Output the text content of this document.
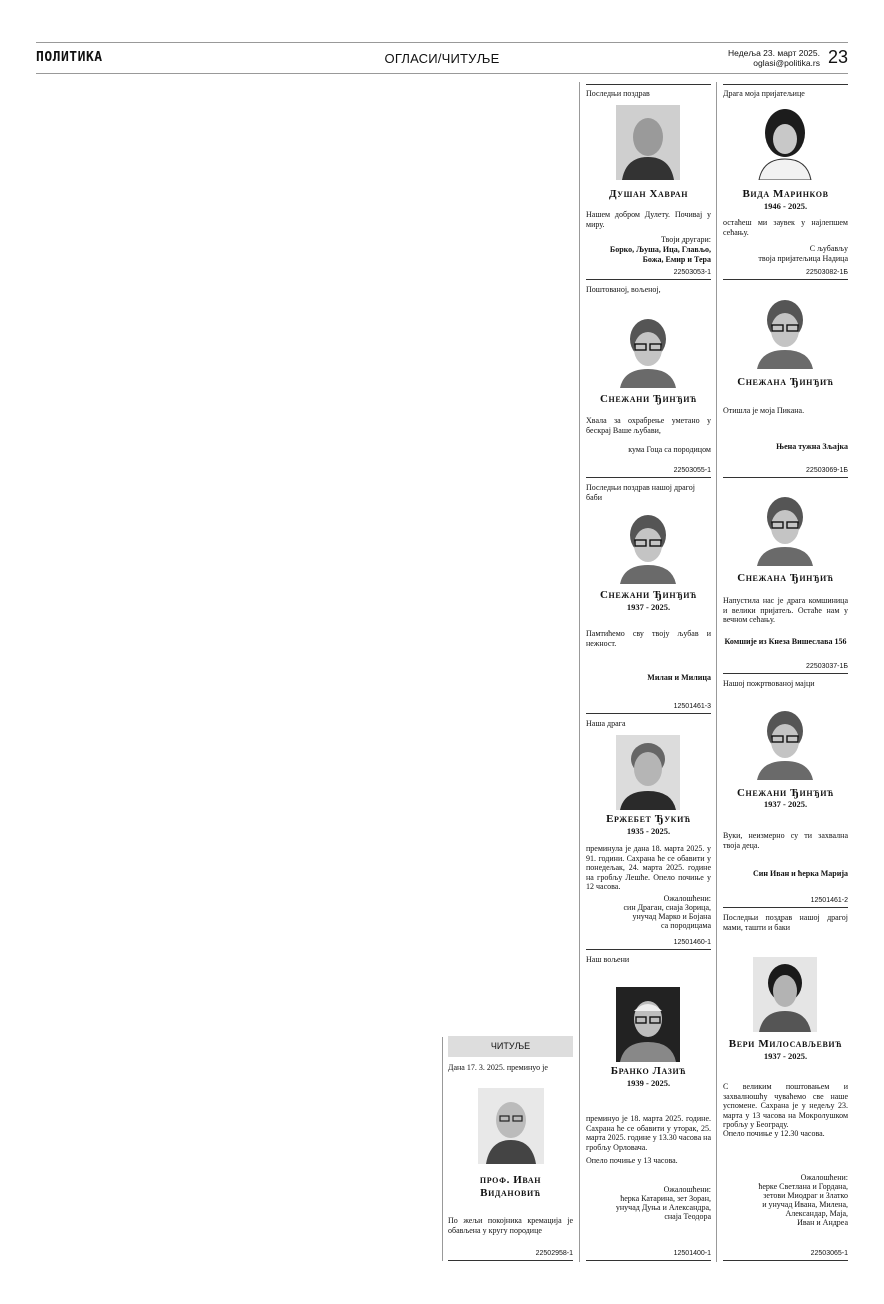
ПОЛИТИКА	ОГЛАСИ/ЧИТУЉЕ	Недеља 23. март 2025.
oglasi@politika.rs 23
ЧИТУЉЕ
Дана 17. 3. 2025. преминуо је
проф. Иван
Видановић
По жељи покојника кремација је обављена у кругу породице
22502958-1
Последњи поздрав
Душан Хавран
Нашем добром Дулету. Почивај у миру.
Твоји другари:
Борко, Љуша, Ица, Глављо,
Божа, Емир и Тера
22503053-1
Поштованој, вољеној,
Снежани Ђинђић
Хвала за охрабрење уметано у бескрај Ваше љубави,
кума Гоца са породицом
22503055-1
Последњи поздрав нашој драгој баби
Снежани Ђинђић
1937 - 2025.
Памтићемо сву твоју љубав и нежност.
Милан и Милица
12501461-3
Наша драга
Ержебет Ђукић
1935 - 2025.
преминула је дана 18. марта 2025. у 91. години. Сахрана ће се обавити у понедељак, 24. марта 2025. године на гробљу Лешће. Опело почиње у 12 часова.
Ожалошћени:
син Драган, снаја Зорица,
унучад Марко и Бојана
са породицама
12501460-1
Наш вољени
Бранко Лазић
1939 - 2025.
преминуо је 18. марта 2025. године. Сахрана ће се обавити у уторак, 25. марта 2025. године у 13.30 часова на гробљу Орловача.
Опело почиње у 13 часова.
Ожалошћени:
ћерка Катарина, зет Зоран,
унучад Дуња и Александра,
снаја Теодора
12501400-1
Драга моја пријатељице
Вида Маринков
1946 - 2025.
остаћеш ми заувек у најлепшем сећању.
С љубављу
твоја пријатељица Надица
22503082-1Б
Снежана Ђинђић
Отишла је моја Пикана.
Њена тужна Зљајка
22503069-1Б
Снежана Ђинђић
Напустила нас је драга комшиница и велики пријатељ. Остаће нам у вечном сећању.
Комшије из Кнеза Вишеслава 156
22503037-1Б
Нашој пожртвованој мајци
Снежани Ђинђић
1937 - 2025.
Вуки, неизмерно су ти захвална твоја деца.
Син Иван и ћерка Марија
12501461-2
Последњи поздрав нашој драгој мами, ташти и баки
Вери Милосављевић
1937 - 2025.
С великим поштовањем и захвалношћу чуваћемо све наше успомене. Сахрана је у недељу 23. марта у 13 часова на Мокролушком гробљу у Београду.
Опело почиње у 12.30 часова.
Ожалошћени:
ћерке Светлана и Гордана,
зетови Миодраг и Златко
и унучад Ивана, Милена,
Александар, Маја,
Иван и Андреа
22503065-1
